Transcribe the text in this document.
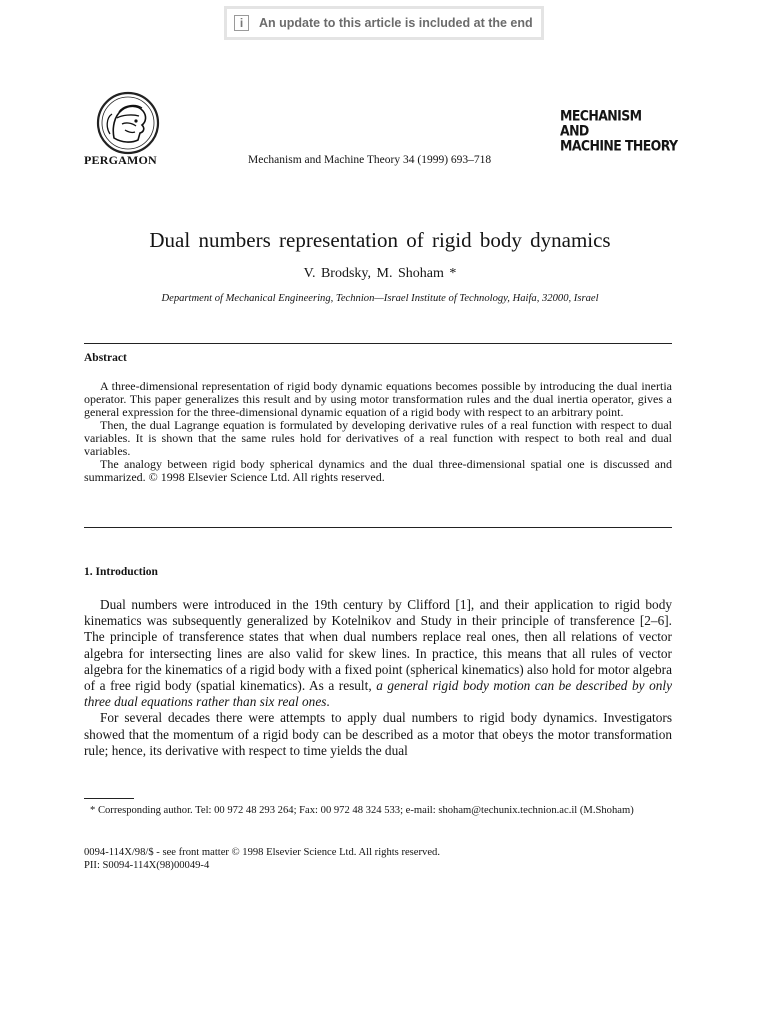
i	An update to this article is included at the end
PERGAMON	Mechanism and Machine Theory 34 (1999) 693–718
MECHANISM
AND
MACHINE THEORY
Dual numbers representation of rigid body dynamics
V. Brodsky, M. Shoham *
Department of Mechanical Engineering, Technion—Israel Institute of Technology, Haifa, 32000, Israel
Abstract

A three-dimensional representation of rigid body dynamic equations becomes possible by introducing the dual inertia operator. This paper generalizes this result and by using motor transformation rules and the dual inertia operator, gives a general expression for the three-dimensional dynamic equation of a rigid body with respect to an arbitrary point.

Then, the dual Lagrange equation is formulated by developing derivative rules of a real function with respect to dual variables. It is shown that the same rules hold for derivatives of a real function with respect to both real and dual variables.

The analogy between rigid body spherical dynamics and the dual three-dimensional spatial one is discussed and summarized. © 1998 Elsevier Science Ltd. All rights reserved.

1. Introduction

Dual numbers were introduced in the 19th century by Clifford [1], and their application to rigid body kinematics was subsequently generalized by Kotelnikov and Study in their principle of transference [2–6]. The principle of transference states that when dual numbers replace real ones, then all relations of vector algebra for intersecting lines are also valid for skew lines. In practice, this means that all rules of vector algebra for the kinematics of a rigid body with a fixed point (spherical kinematics) also hold for motor algebra of a free rigid body (spatial kinematics). As a result, a general rigid body motion can be described by only three dual equations rather than six real ones.

For several decades there were attempts to apply dual numbers to rigid body dynamics. Investigators showed that the momentum of a rigid body can be described as a motor that obeys the motor transformation rule; hence, its derivative with respect to time yields the dual

* Corresponding author. Tel: 00 972 48 293 264; Fax: 00 972 48 324 533; e-mail: shoham@techunix.technion.ac.il (M.Shoham)

0094-114X/98/$ - see front matter © 1998 Elsevier Science Ltd. All rights reserved.
PII: S0094-114X(98)00049-4
